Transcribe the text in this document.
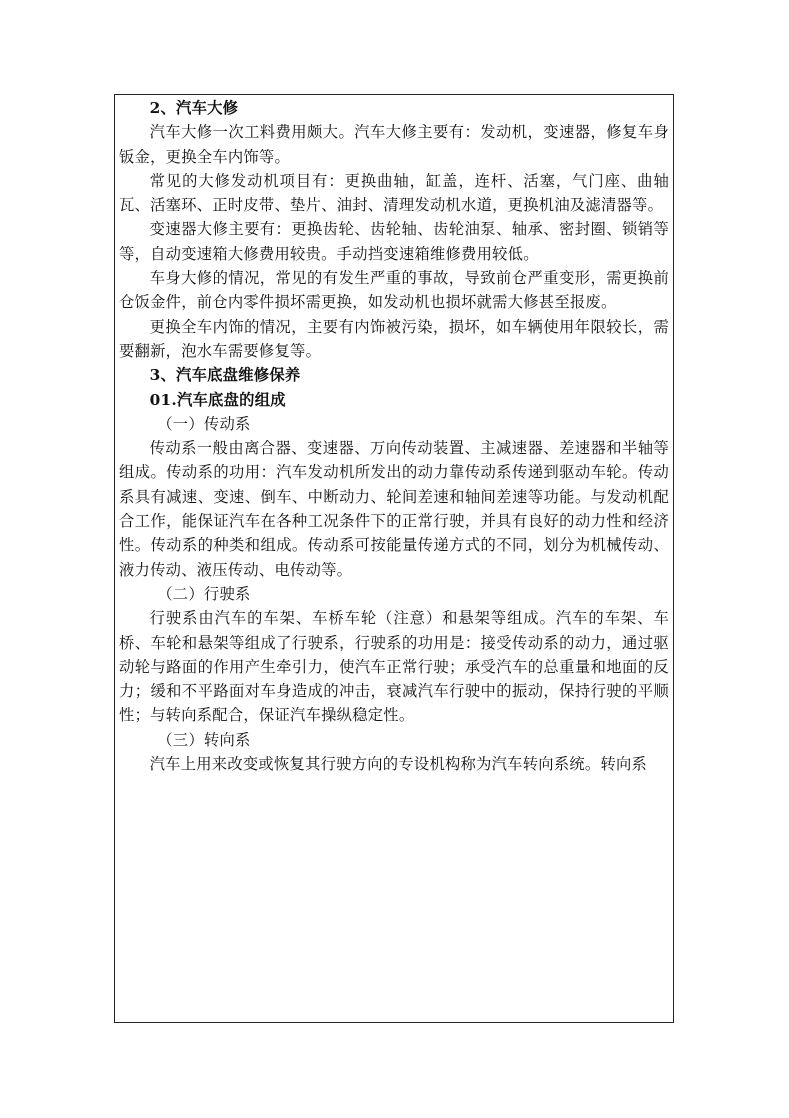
2、汽车大修

汽车大修一次工料费用颇大。汽车大修主要有：发动机，变速器，修复车身钣金，更换全车内饰等。

常见的大修发动机项目有：更换曲轴，缸盖，连杆、活塞，气门座、曲轴瓦、活塞环、正时皮带、垫片、油封、清理发动机水道，更换机油及滤清器等。

变速器大修主要有：更换齿轮、齿轮轴、齿轮油泵、轴承、密封圈、锁销等等，自动变速箱大修费用较贵。手动挡变速箱维修费用较低。

车身大修的情况，常见的有发生严重的事故，导致前仓严重变形，需更换前仓饭金件，前仓内零件损坏需更换，如发动机也损坏就需大修甚至报废。

更换全车内饰的情况，主要有内饰被污染，损坏，如车辆使用年限较长，需要翻新，泡水车需要修复等。

3、汽车底盘维修保养

01.汽车底盘的组成

（一）传动系

传动系一般由离合器、变速器、万向传动装置、主减速器、差速器和半轴等组成。传动系的功用：汽车发动机所发出的动力靠传动系传递到驱动车轮。传动系具有减速、变速、倒车、中断动力、轮间差速和轴间差速等功能。与发动机配合工作，能保证汽车在各种工况条件下的正常行驶，并具有良好的动力性和经济性。传动系的种类和组成。传动系可按能量传递方式的不同，划分为机械传动、液力传动、液压传动、电传动等。

（二）行驶系

行驶系由汽车的车架、车桥车轮（注意）和悬架等组成。汽车的车架、车桥、车轮和悬架等组成了行驶系，行驶系的功用是：接受传动系的动力，通过驱动轮与路面的作用产生牵引力，使汽车正常行驶；承受汽车的总重量和地面的反力；缓和不平路面对车身造成的冲击，衰减汽车行驶中的振动，保持行驶的平顺性；与转向系配合，保证汽车操纵稳定性。

（三）转向系

汽车上用来改变或恢复其行驶方向的专设机构称为汽车转向系统。转向系
